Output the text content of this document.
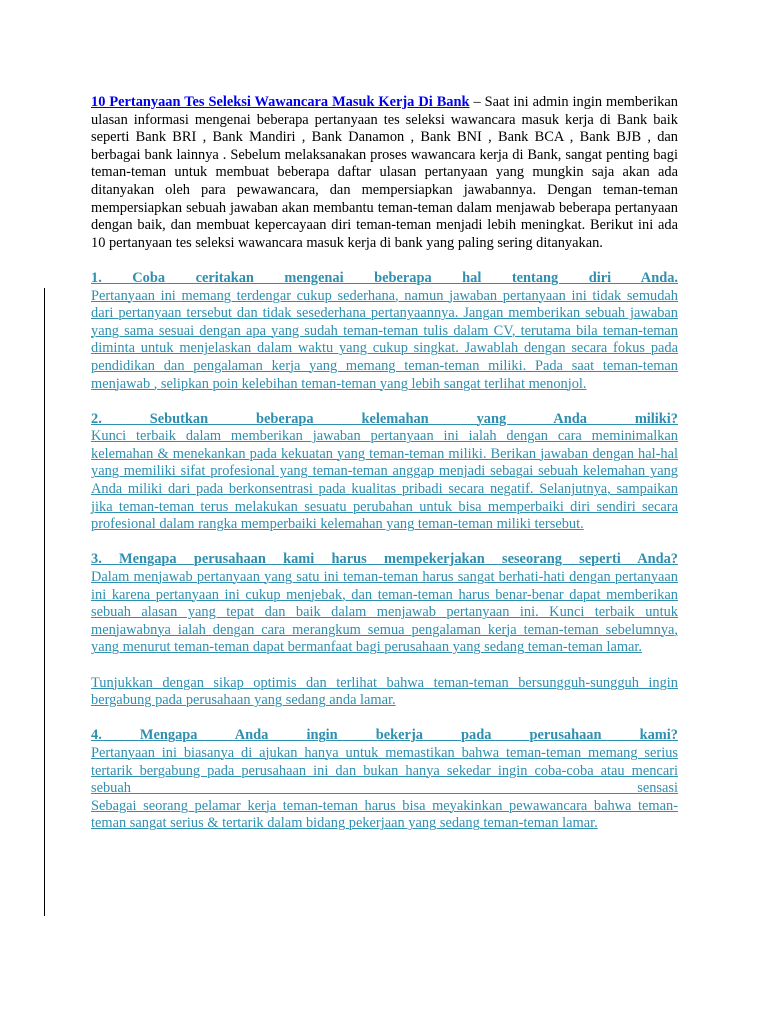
10 Pertanyaan Tes Seleksi Wawancara Masuk Kerja Di Bank – Saat ini admin ingin memberikan ulasan informasi mengenai beberapa pertanyaan tes seleksi wawancara masuk kerja di Bank baik seperti Bank BRI , Bank Mandiri , Bank Danamon , Bank BNI , Bank BCA , Bank BJB , dan berbagai bank lainnya . Sebelum melaksanakan proses wawancara kerja di Bank, sangat penting bagi teman-teman untuk membuat beberapa daftar ulasan pertanyaan yang mungkin saja akan ada ditanyakan oleh para pewawancara, dan mempersiapkan jawabannya. Dengan teman-teman mempersiapkan sebuah jawaban akan membantu teman-teman dalam menjawab beberapa pertanyaan dengan baik, dan membuat kepercayaan diri teman-teman menjadi lebih meningkat. Berikut ini ada 10 pertanyaan tes seleksi wawancara masuk kerja di bank yang paling sering ditanyakan.

1. Coba ceritakan mengenai beberapa hal tentang diri Anda.
Pertanyaan ini memang terdengar cukup sederhana, namun jawaban pertanyaan ini tidak semudah dari pertanyaan tersebut dan tidak sesederhana pertanyaannya. Jangan memberikan sebuah jawaban yang sama sesuai dengan apa yang sudah teman-teman tulis dalam CV, terutama bila teman-teman diminta untuk menjelaskan dalam waktu yang cukup singkat. Jawablah dengan secara fokus pada pendidikan dan pengalaman kerja yang memang teman-teman miliki. Pada saat teman-teman menjawab , selipkan poin kelebihan teman-teman yang lebih sangat terlihat menonjol.

2. Sebutkan beberapa kelemahan yang Anda miliki?
Kunci terbaik dalam memberikan jawaban pertanyaan ini ialah dengan cara meminimalkan kelemahan & menekankan pada kekuatan yang teman-teman miliki. Berikan jawaban dengan hal-hal yang memiliki sifat profesional yang teman-teman anggap menjadi sebagai sebuah kelemahan yang Anda miliki dari pada berkonsentrasi pada kualitas pribadi secara negatif. Selanjutnya, sampaikan jika teman-teman terus melakukan sesuatu perubahan untuk bisa memperbaiki diri sendiri secara profesional dalam rangka memperbaiki kelemahan yang teman-teman miliki tersebut.

3. Mengapa perusahaan kami harus mempekerjakan seseorang seperti Anda?
Dalam menjawab pertanyaan yang satu ini teman-teman harus sangat berhati-hati dengan pertanyaan ini karena pertanyaan ini cukup menjebak, dan teman-teman harus benar-benar dapat memberikan sebuah alasan yang tepat dan baik dalam menjawab pertanyaan ini. Kunci terbaik untuk menjawabnya ialah dengan cara merangkum semua pengalaman kerja teman-teman sebelumnya, yang menurut teman-teman dapat bermanfaat bagi perusahaan yang sedang teman-teman lamar.

Tunjukkan dengan sikap optimis dan terlihat bahwa teman-teman bersungguh-sungguh ingin bergabung pada perusahaan yang sedang anda lamar.

4. Mengapa Anda ingin bekerja pada perusahaan kami?
Pertanyaan ini biasanya di ajukan hanya untuk memastikan bahwa teman-teman memang serius tertarik bergabung pada perusahaan ini dan bukan hanya sekedar ingin coba-coba atau mencari sebuah sensasi
Sebagai seorang pelamar kerja teman-teman harus bisa meyakinkan pewawancara bahwa teman-teman sangat serius & tertarik dalam bidang pekerjaan yang sedang teman-teman lamar.
